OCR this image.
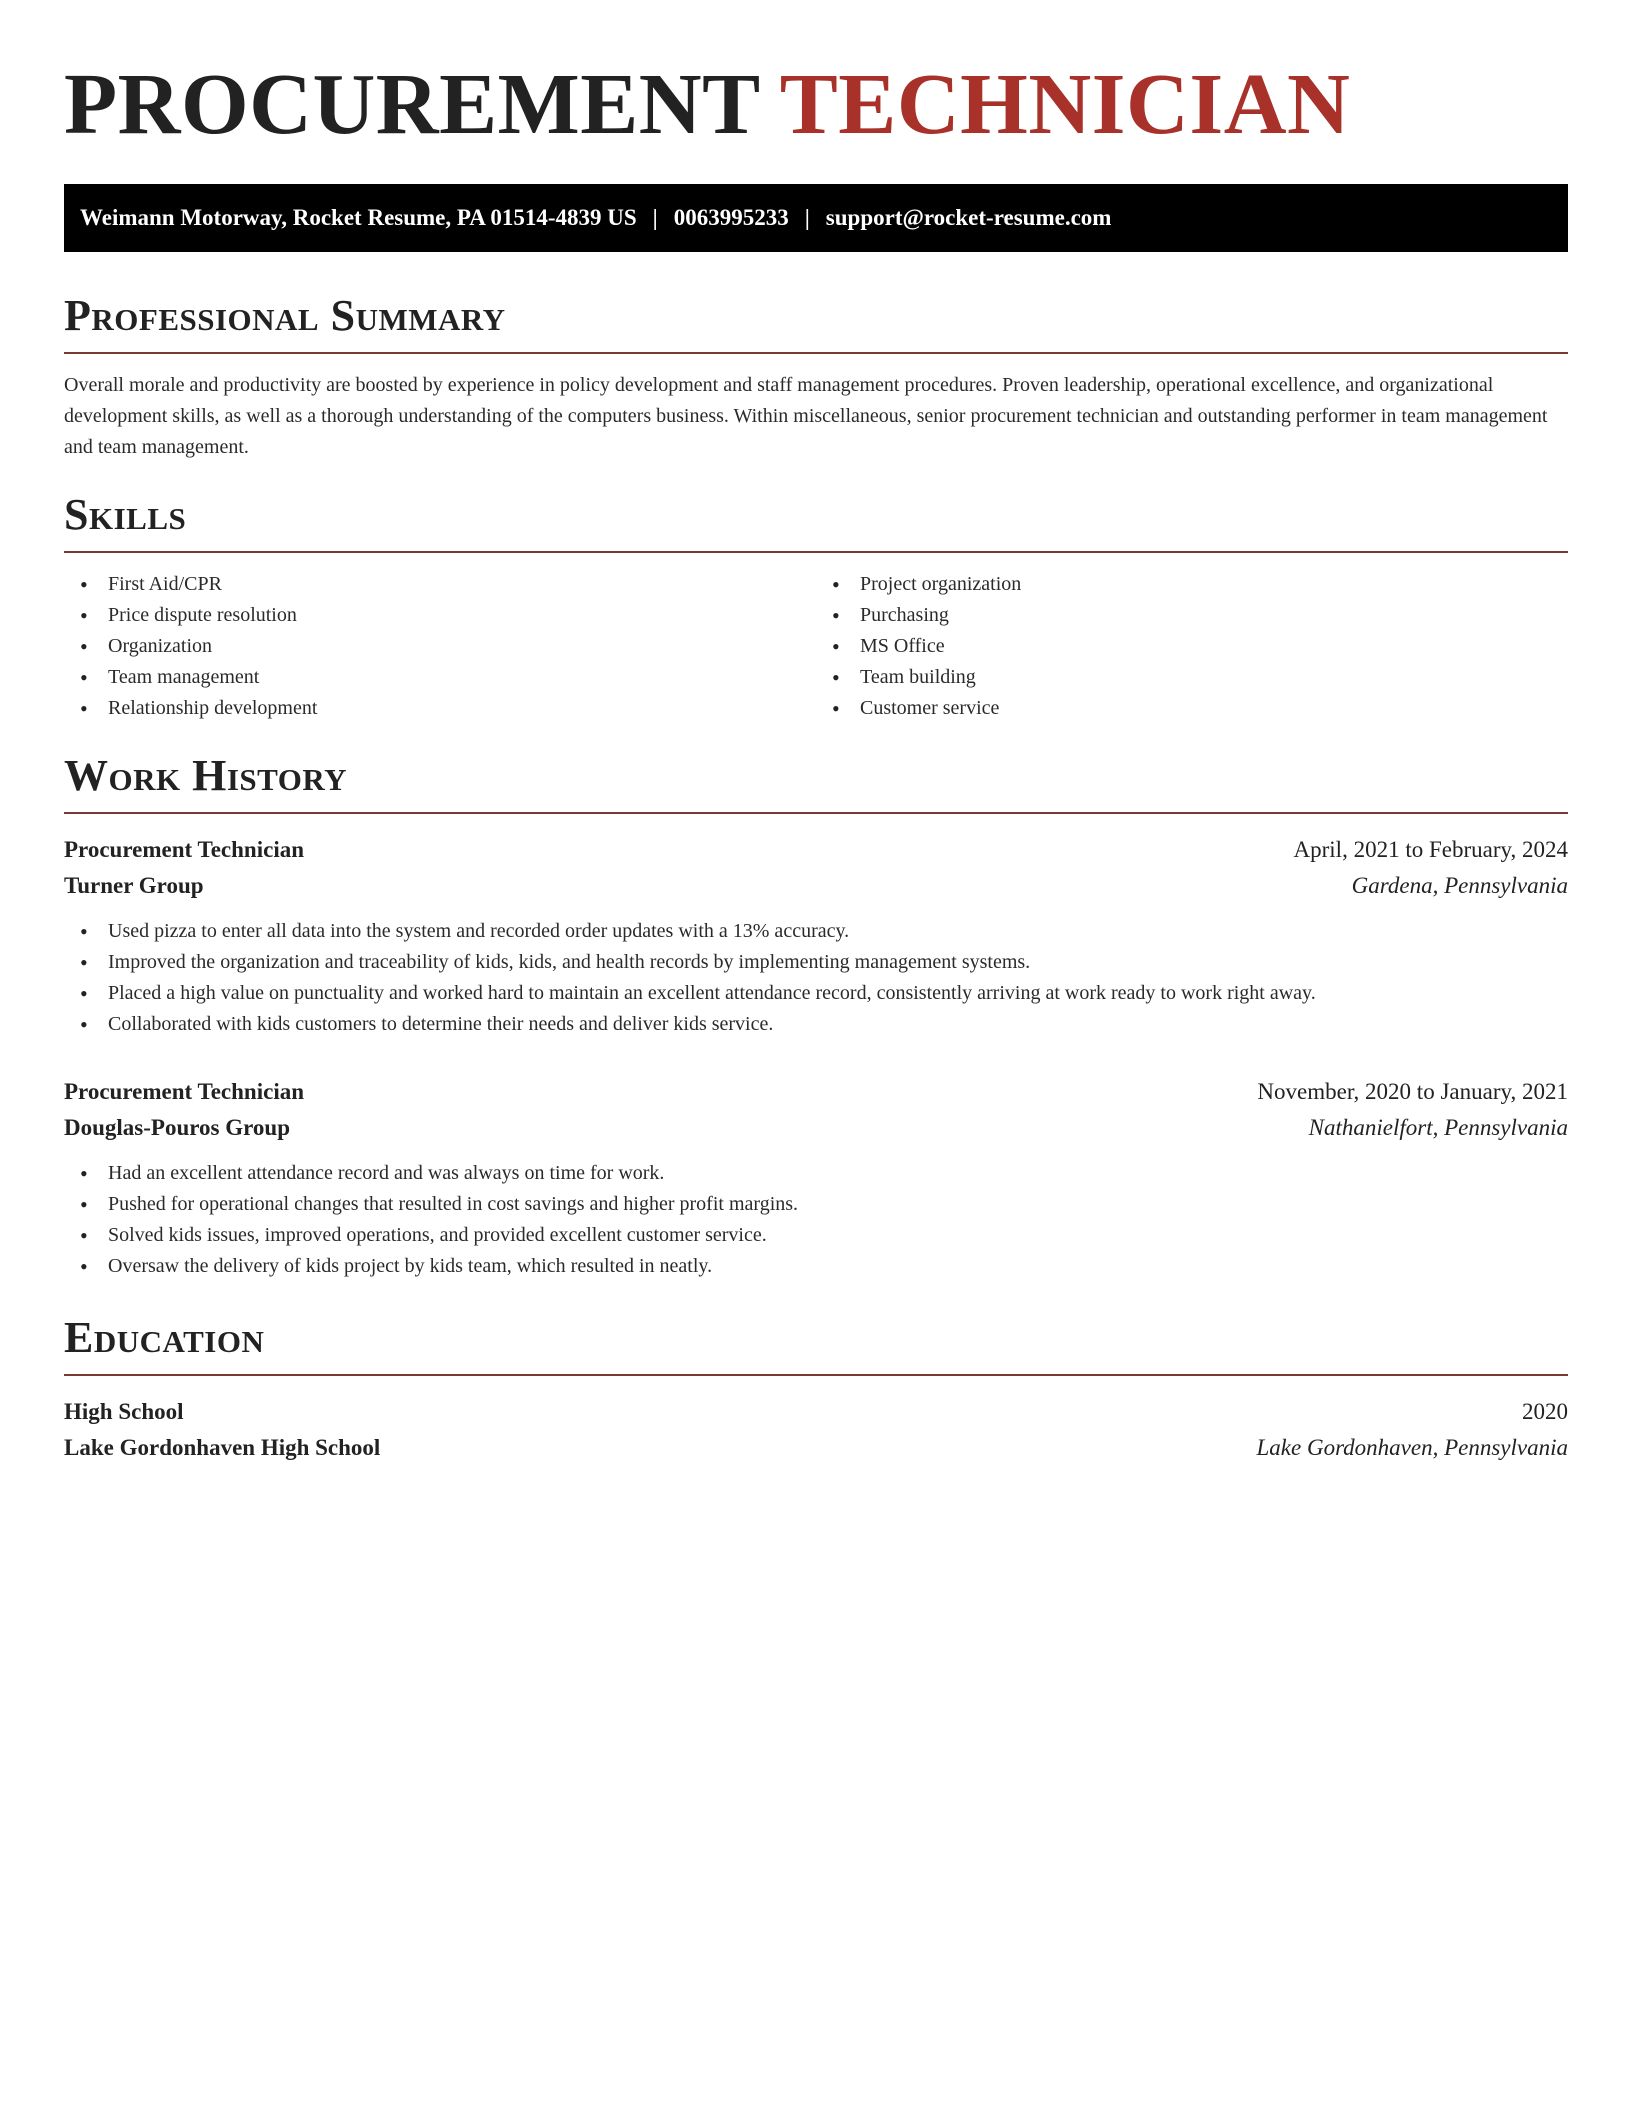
PROCUREMENT TECHNICIAN
Weimann Motorway, Rocket Resume, PA 01514-4839 US | 0063995233 | support@rocket-resume.com
Professional Summary

Overall morale and productivity are boosted by experience in policy development and staff management procedures. Proven leadership, operational excellence, and organizational development skills, as well as a thorough understanding of the computers business. Within miscellaneous, senior procurement technician and outstanding performer in team management and team management.

Skills
• First Aid/CPR
• Price dispute resolution
• Organization
• Team management
• Relationship development
• Project organization
• Purchasing
• MS Office
• Team building
• Customer service
Work History
Procurement Technician	April, 2021 to February, 2024
Turner Group	Gardena, Pennsylvania
• Used pizza to enter all data into the system and recorded order updates with a 13% accuracy.
• Improved the organization and traceability of kids, kids, and health records by implementing management systems.
• Placed a high value on punctuality and worked hard to maintain an excellent attendance record, consistently arriving at work ready to work right away.
• Collaborated with kids customers to determine their needs and deliver kids service.
Procurement Technician	November, 2020 to January, 2021
Douglas-Pouros Group	Nathanielfort, Pennsylvania
• Had an excellent attendance record and was always on time for work.
• Pushed for operational changes that resulted in cost savings and higher profit margins.
• Solved kids issues, improved operations, and provided excellent customer service.
• Oversaw the delivery of kids project by kids team, which resulted in neatly.
Education
High School	2020
Lake Gordonhaven High School	Lake Gordonhaven, Pennsylvania
